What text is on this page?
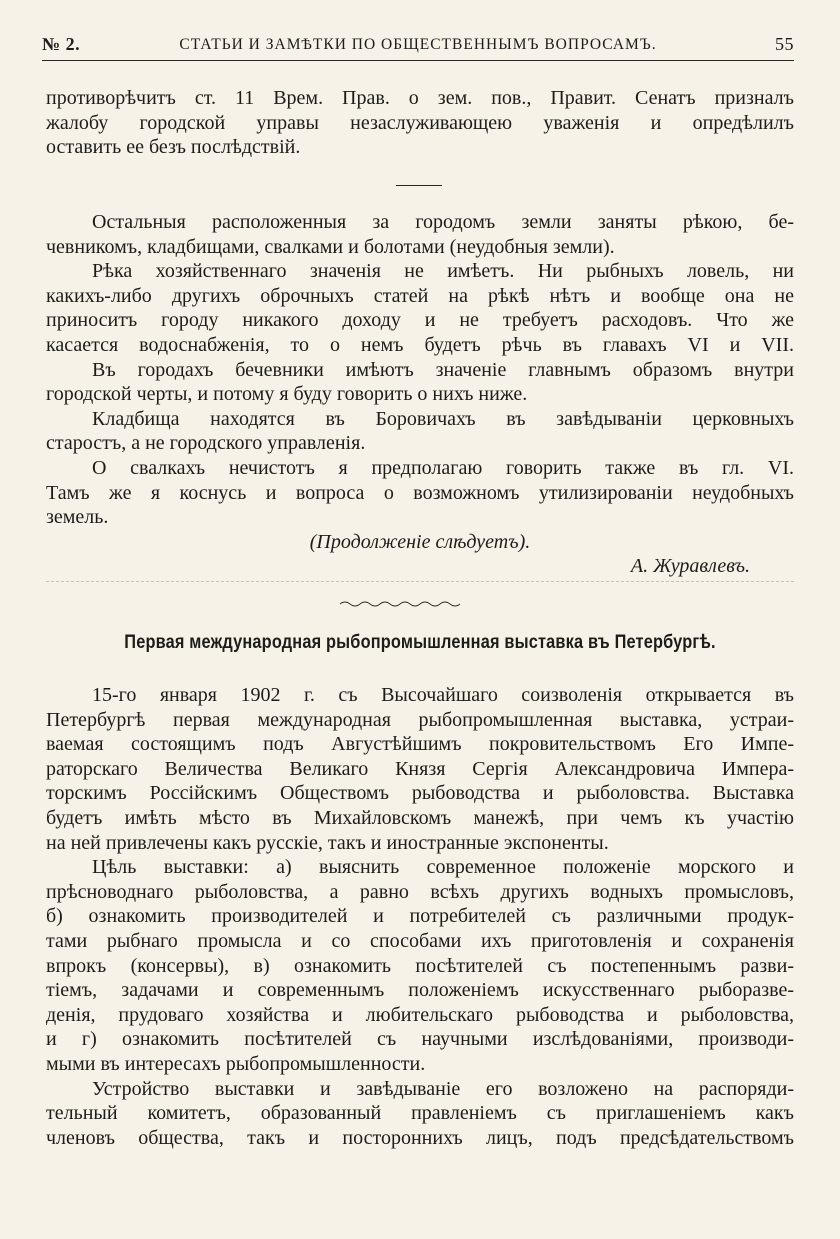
№ 2.	СТАТЬИ И ЗАМѢТКИ ПО ОБЩЕСТВЕННЫМЪ ВОПРОСАМЪ.	55
противорѣчитъ ст. 11 Врем. Прав. о зем. пов., Правит. Сенатъ призналъ
жалобу городской управы незаслуживающею уваженія и опредѣлилъ
оставить ее безъ послѣдствій.
Остальныя расположенныя за городомъ земли заняты рѣкою, бе-
чевникомъ, кладбищами, свалками и болотами (неудобныя земли).
Рѣка хозяйственнаго значенія не имѣетъ. Ни рыбныхъ ловель, ни
какихъ-либо другихъ оброчныхъ статей на рѣкѣ нѣтъ и вообще она не
приноситъ городу никакого доходу и не требуетъ расходовъ. Что же
касается водоснабженія, то о немъ будетъ рѣчь въ главахъ VI и VII.
Въ городахъ бечевники имѣютъ значеніе главнымъ образомъ внутри
городской черты, и потому я буду говорить о нихъ ниже.
Кладбища находятся въ Боровичахъ въ завѣдываніи церковныхъ
старостъ, а не городского управленія.
О свалкахъ нечистотъ я предполагаю говорить также въ гл. VI.
Тамъ же я коснусь и вопроса о возможномъ утилизированіи неудобныхъ
земель.
(Продолженіе слѣдуетъ).
А. Журавлевъ.
Первая международная рыбопромышленная выставка въ Петербургѣ.
15-го января 1902 г. съ Высочайшаго соизволенія открывается въ
Петербургѣ первая международная рыбопромышленная выставка, устраи-
ваемая состоящимъ подъ Августѣйшимъ покровительствомъ Его Импе-
раторскаго Величества Великаго Князя Сергія Александровича Импера-
торскимъ Россійскимъ Обществомъ рыбоводства и рыболовства. Выставка
будетъ имѣть мѣсто въ Михайловскомъ манежѣ, при чемъ къ участію
на ней привлечены какъ русскіе, такъ и иностранные экспоненты.
Цѣль выставки: а) выяснить современное положеніе морского и
прѣсноводнаго рыболовства, а равно всѣхъ другихъ водныхъ промысловъ,
б) ознакомить производителей и потребителей съ различными продук-
тами рыбнаго промысла и со способами ихъ приготовленія и сохраненія
впрокъ (консервы), в) ознакомить посѣтителей съ постепеннымъ разви-
тіемъ, задачами и современнымъ положеніемъ искусственнаго рыборазве-
денія, прудоваго хозяйства и любительскаго рыбоводства и рыболовства,
и г) ознакомить посѣтителей съ научными изслѣдованіями, производи-
мыми въ интересахъ рыбопромышленности.
Устройство выставки и завѣдываніе его возложено на распоряди-
тельный комитетъ, образованный правленіемъ съ приглашеніемъ какъ
членовъ общества, такъ и постороннихъ лицъ, подъ предсѣдательствомъ
